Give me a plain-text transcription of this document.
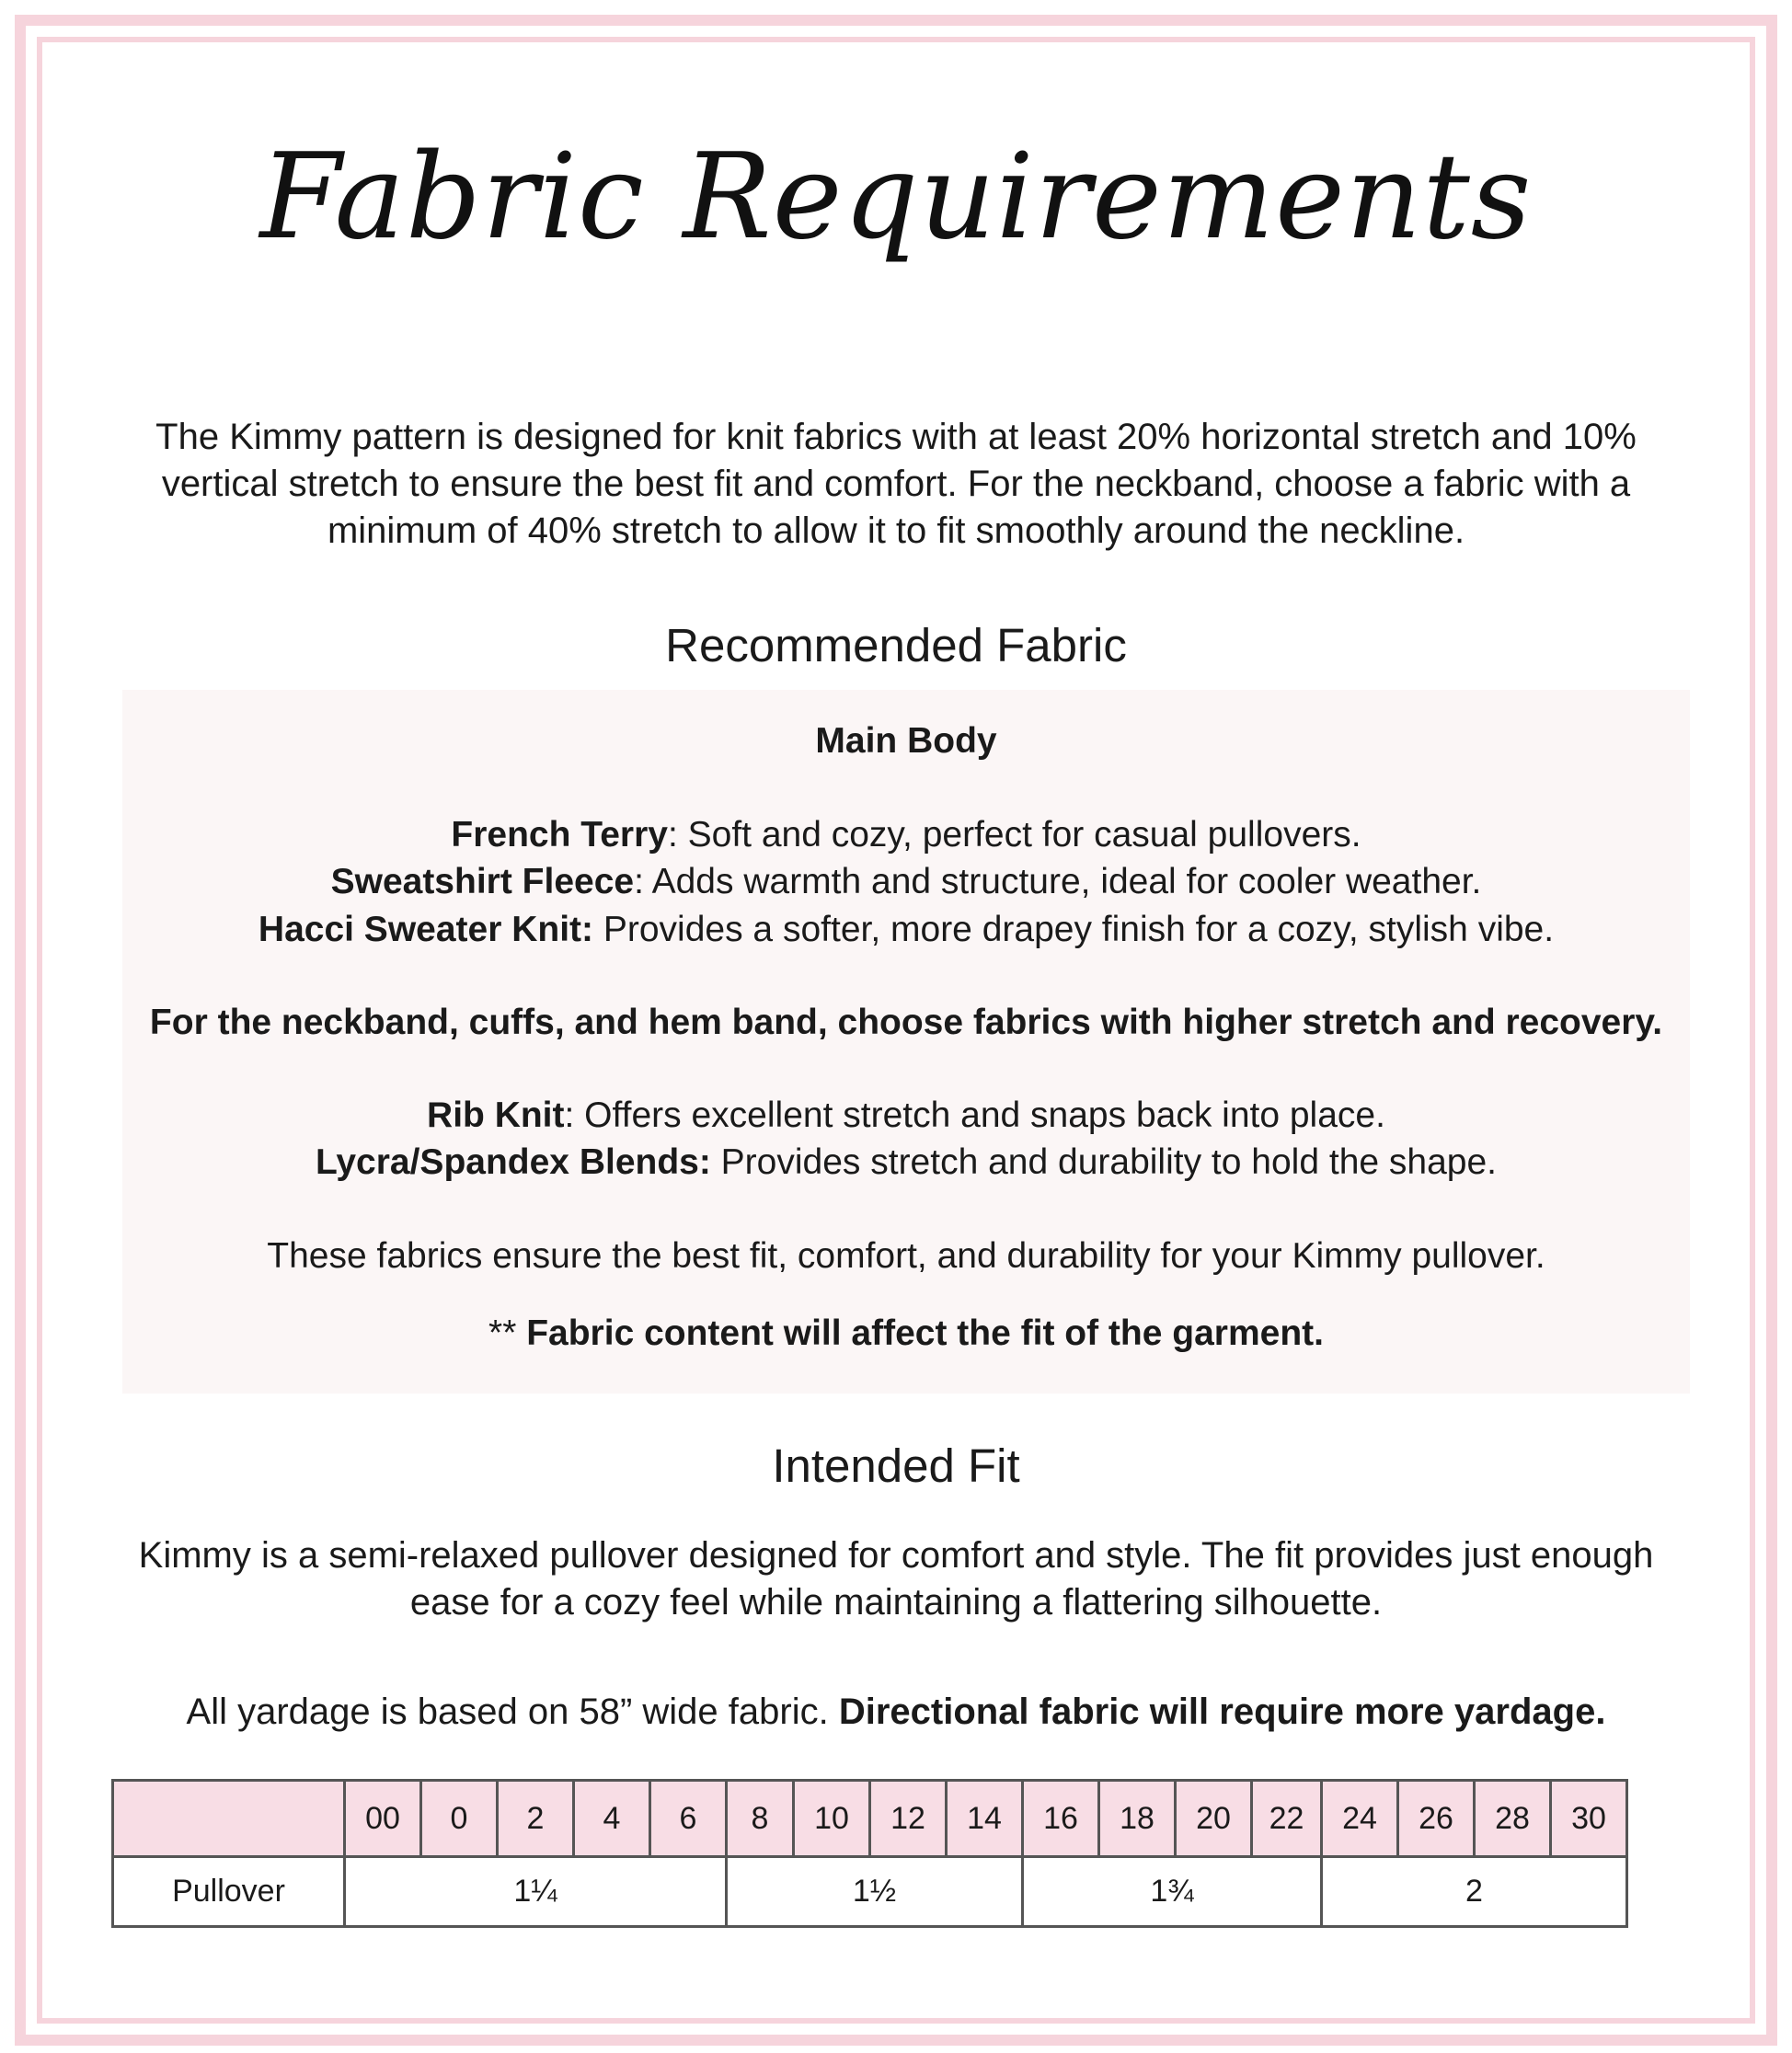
Fabric Requirements
The Kimmy pattern is designed for knit fabrics with at least 20% horizontal stretch and 10% vertical stretch to ensure the best fit and comfort. For the neckband, choose a fabric with a minimum of 40% stretch to allow it to fit smoothly around the neckline.
Recommended Fabric
Main Body
French Terry: Soft and cozy, perfect for casual pullovers.
Sweatshirt Fleece: Adds warmth and structure, ideal for cooler weather.
Hacci Sweater Knit: Provides a softer, more drapey finish for a cozy, stylish vibe.
For the neckband, cuffs, and hem band, choose fabrics with higher stretch and recovery.
Rib Knit: Offers excellent stretch and snaps back into place.
Lycra/Spandex Blends: Provides stretch and durability to hold the shape.
These fabrics ensure the best fit, comfort, and durability for your Kimmy pullover.
** Fabric content will affect the fit of the garment.
Intended Fit
Kimmy is a semi-relaxed pullover designed for comfort and style. The fit provides just enough ease for a cozy feel while maintaining a flattering silhouette.
All yardage is based on 58” wide fabric. Directional fabric will require more yardage.
	00	0	2	4	6	8	10	12	14	16	18	20	22	24	26	28	30
Pullover	1¼					1½				1¾				2			
